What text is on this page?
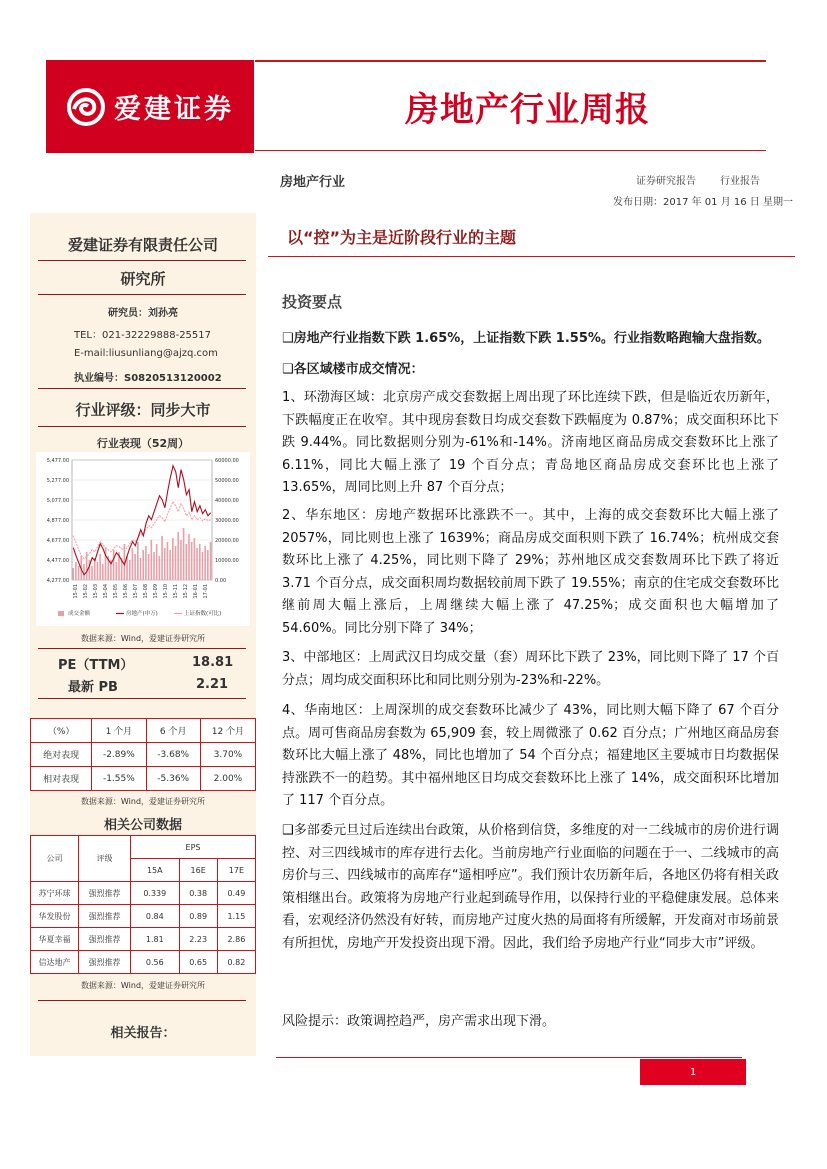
爱建证券	房地产行业周报
房地产行业	证券研究报告 行业报告
发布日期：2017 年 01 月 16 日 星期一
爱建证券有限责任公司
研究所
研究员：刘孙亮
TEL：021-32229888-25517
E-mail:liusunliang@ajzq.com
执业编号：S0820513120002
行业评级：同步大市
行业表现（52周）
5,477.00
5,277.00
5,077.00
4,877.00
4,677.00
4,477.00
4,277.00
60000.00
50000.00
40000.00
30000.00
20000.00
10000.00
0.00
15-01 15-02 15-03 15-04 15-05 15-06 15-07 15-08 15-09 15-10 15-11 15-12 16-01 17-01
成交金额	房地产(申万)	上证指数(可比)
数据来源：Wind，爱建证券研究所
PE（TTM）	18.81
最新 PB	2.21
（%）	1 个月	6 个月	12 个月
绝对表现	-2.89%	-3.68%	3.70%
相对表现	-1.55%	-5.36%	2.00%
数据来源：Wind，爱建证券研究所
相关公司数据
公司	评级	EPS		
		15A	16E	17E
苏宁环球	强烈推荐	0.339	0.38	0.49
华发股份	强烈推荐	0.84	0.89	1.15
华夏幸福	强烈推荐	1.81	2.23	2.86
信达地产	强烈推荐	0.56	0.65	0.82
数据来源：Wind，爱建证券研究所
相关报告：
以“控”为主是近阶段行业的主题
投资要点
❑房地产行业指数下跌 1.65%，上证指数下跌 1.55%。行业指数略跑输大盘指数。
❑各区域楼市成交情况：
1、环渤海区域：北京房产成交套数据上周出现了环比连续下跌，但是临近农历新年，下跌幅度正在收窄。其中现房套数日均成交套数下跌幅度为 0.87%；成交面积环比下跌 9.44%。同比数据则分别为-61%和-14%。济南地区商品房成交套数环比上涨了 6.11%，同比大幅上涨了 19 个百分点；青岛地区商品房成交套环比也上涨了 13.65%，周同比则上升 87 个百分点；
2、华东地区：房地产数据环比涨跌不一。其中，上海的成交套数环比大幅上涨了 2057%，同比则也上涨了 1639%；商品房成交面积则下跌了 16.74%；杭州成交套数环比上涨了 4.25%，同比则下降了 29%；苏州地区成交套数周环比下跌了将近 3.71 个百分点，成交面积周均数据较前周下跌了 19.55%；南京的住宅成交套数环比继前周大幅上涨后，上周继续大幅上涨了 47.25%；成交面积也大幅增加了 54.60%。同比分别下降了 34%；
3、中部地区：上周武汉日均成交量（套）周环比下跌了 23%，同比则下降了 17 个百分点；周均成交面积环比和同比则分别为-23%和-22%。
4、华南地区：上周深圳的成交套数环比减少了 43%，同比则大幅下降了 67 个百分点。周可售商品房套数为 65,909 套，较上周微涨了 0.62 百分点；广州地区商品房套数环比大幅上涨了 48%，同比也增加了 54 个百分点；福建地区主要城市日均数据保持涨跌不一的趋势。其中福州地区日均成交套数环比上涨了 14%，成交面积环比增加了 117 个百分点。
❑多部委元旦过后连续出台政策，从价格到信贷，多维度的对一二线城市的房价进行调控、对三四线城市的库存进行去化。当前房地产行业面临的问题在于一、二线城市的高房价与三、四线城市的高库存“遥相呼应”。我们预计农历新年后，各地区仍将有相关政策相继出台。政策将为房地产行业起到疏导作用，以保持行业的平稳健康发展。总体来看，宏观经济仍然没有好转，而房地产过度火热的局面将有所缓解，开发商对市场前景有所担忧，房地产开发投资出现下滑。因此，我们给予房地产行业“同步大市”评级。
风险提示：政策调控趋严，房产需求出现下滑。
1
